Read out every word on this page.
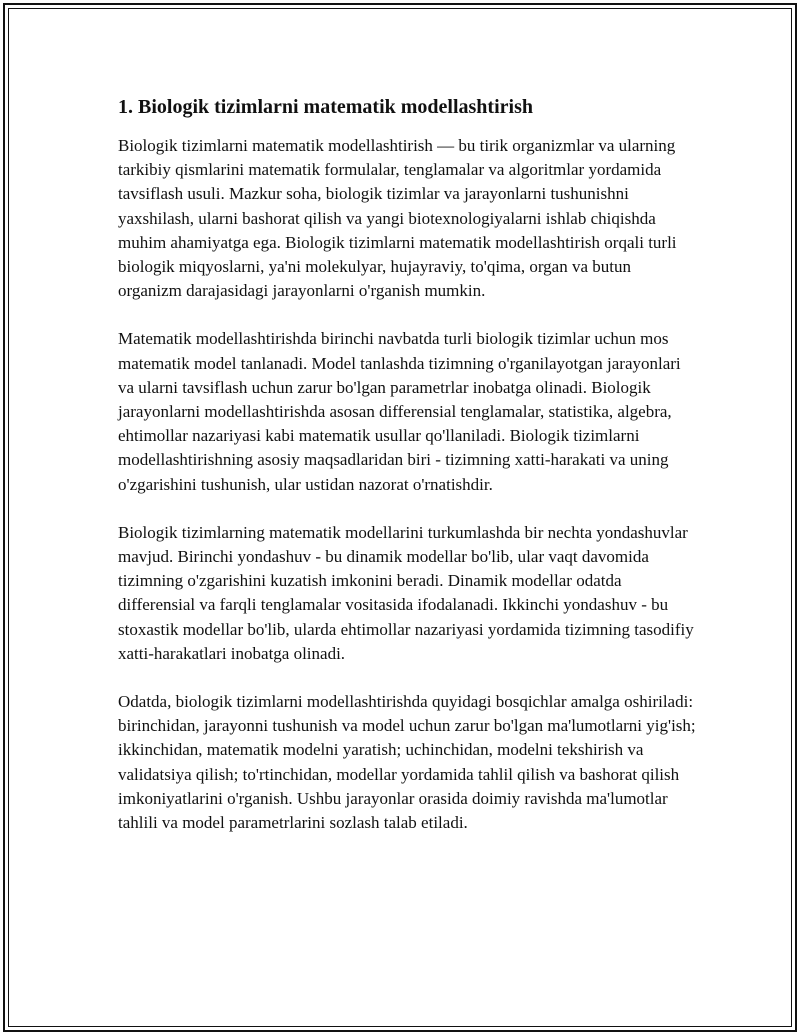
1. Biologik tizimlarni matematik modellashtirish

Biologik tizimlarni matematik modellashtirish — bu tirik organizmlar va ularning tarkibiy qismlarini matematik formulalar, tenglamalar va algoritmlar yordamida tavsiflash usuli. Mazkur soha, biologik tizimlar va jarayonlarni tushunishni yaxshilash, ularni bashorat qilish va yangi biotexnologiyalarni ishlab chiqishda muhim ahamiyatga ega. Biologik tizimlarni matematik modellashtirish orqali turli biologik miqyoslarni, ya'ni molekulyar, hujayraviy, to'qima, organ va butun organizm darajasidagi jarayonlarni o'rganish mumkin.

Matematik modellashtirishda birinchi navbatda turli biologik tizimlar uchun mos matematik model tanlanadi. Model tanlashda tizimning o'rganilayotgan jarayonlari va ularni tavsiflash uchun zarur bo'lgan parametrlar inobatga olinadi. Biologik jarayonlarni modellashtirishda asosan differensial tenglamalar, statistika, algebra, ehtimollar nazariyasi kabi matematik usullar qo'llaniladi. Biologik tizimlarni modellashtirishning asosiy maqsadlaridan biri - tizimning xatti-harakati va uning o'zgarishini tushunish, ular ustidan nazorat o'rnatishdir.

Biologik tizimlarning matematik modellarini turkumlashda bir nechta yondashuvlar mavjud. Birinchi yondashuv - bu dinamik modellar bo'lib, ular vaqt davomida tizimning o'zgarishini kuzatish imkonini beradi. Dinamik modellar odatda differensial va farqli tenglamalar vositasida ifodalanadi. Ikkinchi yondashuv - bu stoxastik modellar bo'lib, ularda ehtimollar nazariyasi yordamida tizimning tasodifiy xatti-harakatlari inobatga olinadi.

Odatda, biologik tizimlarni modellashtirishda quyidagi bosqichlar amalga oshiriladi: birinchidan, jarayonni tushunish va model uchun zarur bo'lgan ma'lumotlarni yig'ish; ikkinchidan, matematik modelni yaratish; uchinchidan, modelni tekshirish va validatsiya qilish; to'rtinchidan, modellar yordamida tahlil qilish va bashorat qilish imkoniyatlarini o'rganish. Ushbu jarayonlar orasida doimiy ravishda ma'lumotlar tahlili va model parametrlarini sozlash talab etiladi.
